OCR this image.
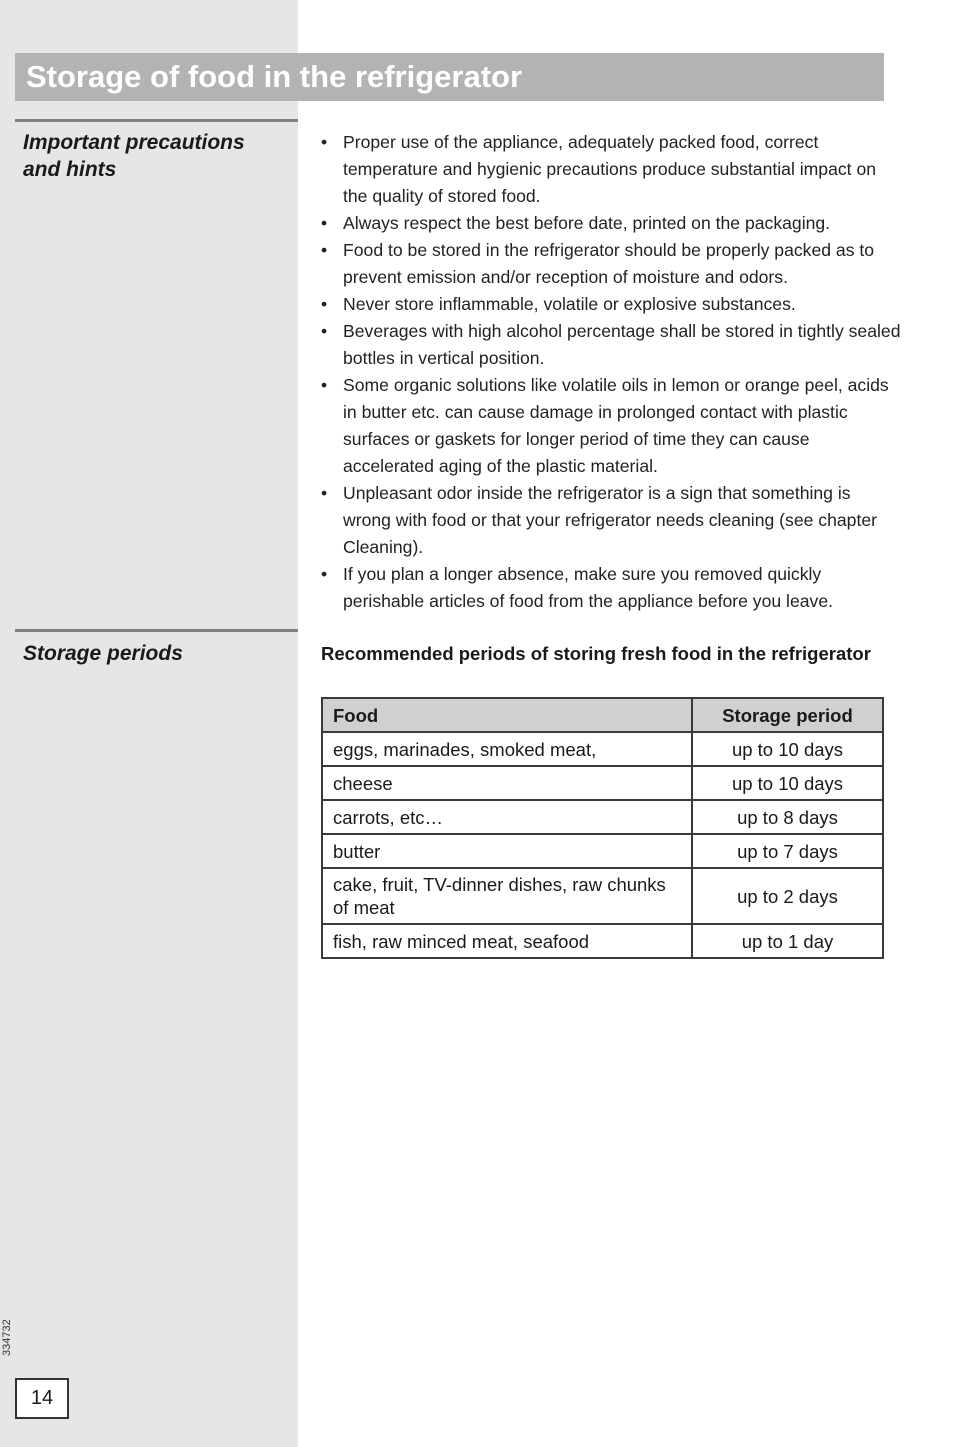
Storage of food in the refrigerator
Important precautions
and hints
• Proper use of the appliance, adequately packed food, correct temperature and hygienic precautions produce substantial impact on the quality of stored food.
• Always respect the best before date, printed on the packaging.
• Food to be stored in the refrigerator should be properly packed as to prevent emission and/or reception of moisture and odors.
• Never store inflammable, volatile or explosive substances.
• Beverages with high alcohol percentage shall be stored in tightly sealed bottles in vertical position.
• Some organic solutions like volatile oils in lemon or orange peel, acids in butter etc. can cause damage in prolonged contact with plastic surfaces or gaskets for longer period of time they can cause accelerated aging of the plastic material.
• Unpleasant odor inside the refrigerator is a sign that something is wrong with food or that your refrigerator needs cleaning (see chapter Cleaning).
• If you plan a longer absence, make sure you removed quickly perishable articles of food from the appliance before you leave.
Storage periods	Recommended periods of storing fresh food in the refrigerator

Food	Storage period
eggs, marinades, smoked meat,	up to 10 days
cheese	up to 10 days
carrots, etc…	up to 8 days
butter	up to 7 days
cake, fruit, TV-dinner dishes, raw chunks of meat	up to 2 days
fish, raw minced meat, seafood	up to 1 day
334732
14
